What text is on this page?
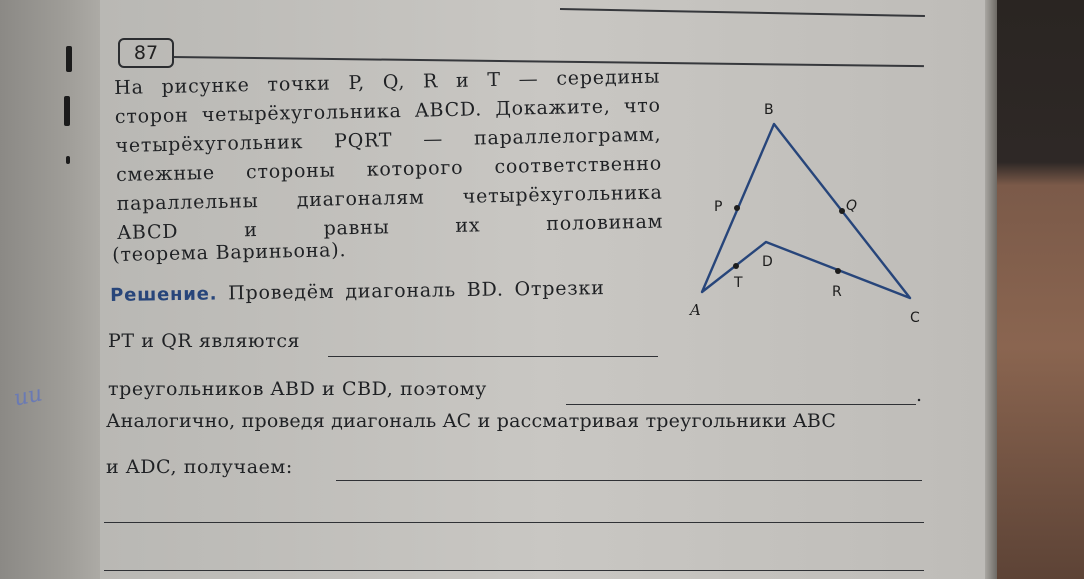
ии
87
На рисунке точки P, Q, R и T — середины сторон четырёхугольника ABCD. Докажите, что четырёхугольник PQRT — параллелограмм, смежные стороны которого соответственно параллельны диагоналям четырёхугольника ABCD и равны их половинам
(теорема Вариньона).
Решение. Проведём диагональ BD. Отрезки
PT и QR являются
треугольников ABD и CBD, поэтому	.
Аналогично, проведя диагональ AC и рассматривая треугольники ABC
и ADC, получаем:
A
B
C
D
P	Q
R
T
